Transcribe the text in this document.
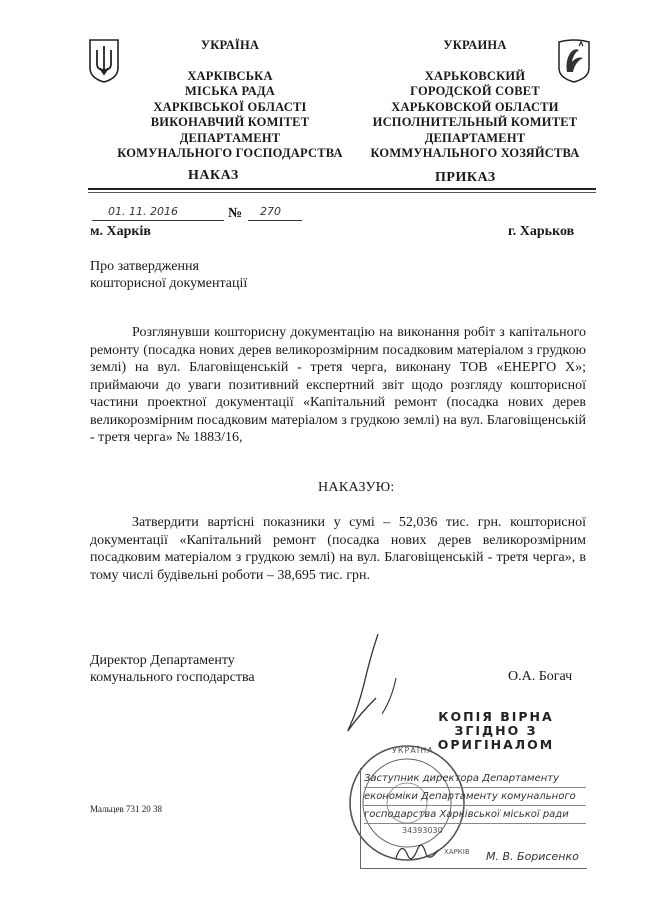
УКРАЇНА
ХАРКІВСЬКА
МІСЬКА РАДА
ХАРКІВСЬКОЇ ОБЛАСТІ
ВИКОНАВЧИЙ КОМІТЕТ
ДЕПАРТАМЕНТ
КОМУНАЛЬНОГО ГОСПОДАРСТВА
УКРАИНА
ХАРЬКОВСКИЙ
ГОРОДСКОЙ СОВЕТ
ХАРЬКОВСКОЙ ОБЛАСТИ
ИСПОЛНИТЕЛЬНЫЙ КОМИТЕТ
ДЕПАРТАМЕНТ
КОММУНАЛЬНОГО ХОЗЯЙСТВА
НАКАЗ	ПРИКАЗ
01. 11. 2016	№ 270
м. Харків	г. Харьков
Про затвердження
кошторисної документації

Розглянувши кошторисну документацію на виконання робіт з капітального ремонту (посадка нових дерев великорозмірним посадковим матеріалом з грудкою землі) на вул. Благовіщенській - третя черга, виконану ТОВ «ЕНЕРГО Х»; приймаючи до уваги позитивний експертний звіт щодо розгляду кошторисної частини проектної документації «Капітальний ремонт (посадка нових дерев великорозмірним посадковим матеріалом з грудкою землі) на вул. Благовіщенській - третя черга» № 1883/16,

НАКАЗУЮ:

Затвердити вартісні показники у сумі – 52,036 тис. грн. кошторисної документації «Капітальний ремонт (посадка нових дерев великорозмірним посадковим матеріалом з грудкою землі) на вул. Благовіщенській - третя черга», в тому числі будівельні роботи – 38,695 тис. грн.

Директор Департаменту
комунального господарства	О.А. Богач
КОПІЯ ВІРНА
ЗГІДНО З
ОРИГІНАЛОМ
УКРАЇНА
34393030
ХАРКІВ
Заступник директора Департаменту
економіки Департаменту комунального
господарства Харківської міської ради
М. В. Борисенко
Мальцев 731 20 38
